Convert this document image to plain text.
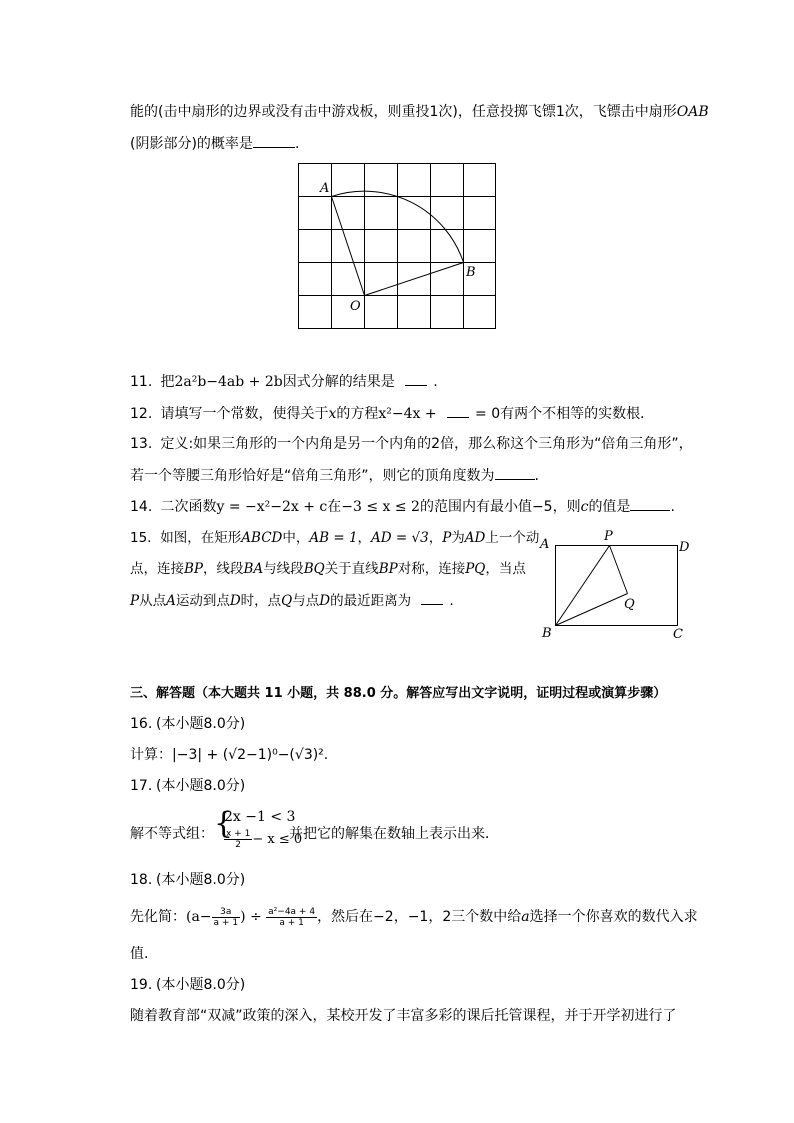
能的(击中扇形的边界或没有击中游戏板，则重投1次)，任意投掷飞镖1次，飞镖击中扇形OAB
(阴影部分)的概率是	.
A
B
O
11. 把2a²b−4ab + 2b因式分解的结果是	.
12. 请填写一个常数，使得关于x的方程x²−4x +	= 0有两个不相等的实数根．
13. 定义:如果三角形的一个内角是另一个内角的2倍，那么称这个三角形为“倍角三角形”，
若一个等腰三角形恰好是“倍角三角形”，则它的顶角度数为	.
14. 二次函数y = −x²−2x + c在−3 ≤ x ≤ 2的范围内有最小值−5，则c的值是	.
15. 如图，在矩形ABCD中，AB = 1，AD = √3，P为AD上一个动
点，连接BP，线段BA与线段BQ关于直线BP对称，连接PQ，当点
P从点A运动到点D时，点Q与点D的最近距离为	.
A
P
D
Q
B	C
三、解答题（本大题共 11 小题，共 88.0 分。解答应写出文字说明，证明过程或演算步骤）
16. (本小题8.0分)
计算：|−3| + (√2−1)⁰−(√3)².
17. (本小题8.0分)
解不等式组： {
2x −1 < 3
$\frac{x + 1}{2} - x \le 0$
并把它的解集在数轴上表示出来．
18. (本小题8.0分)
先化简：($a- \frac{3a}{a + 1}$ ) ÷ $\frac{\text{a²−4a + 4}}{a + 1}$ ，然后在−2，−1，2三个数中给a选择一个你喜欢的数代入求
值.
19. (本小题8.0分)
随着教育部“双减”政策的深入，某校开发了丰富多彩的课后托管课程，并于开学初进行了
